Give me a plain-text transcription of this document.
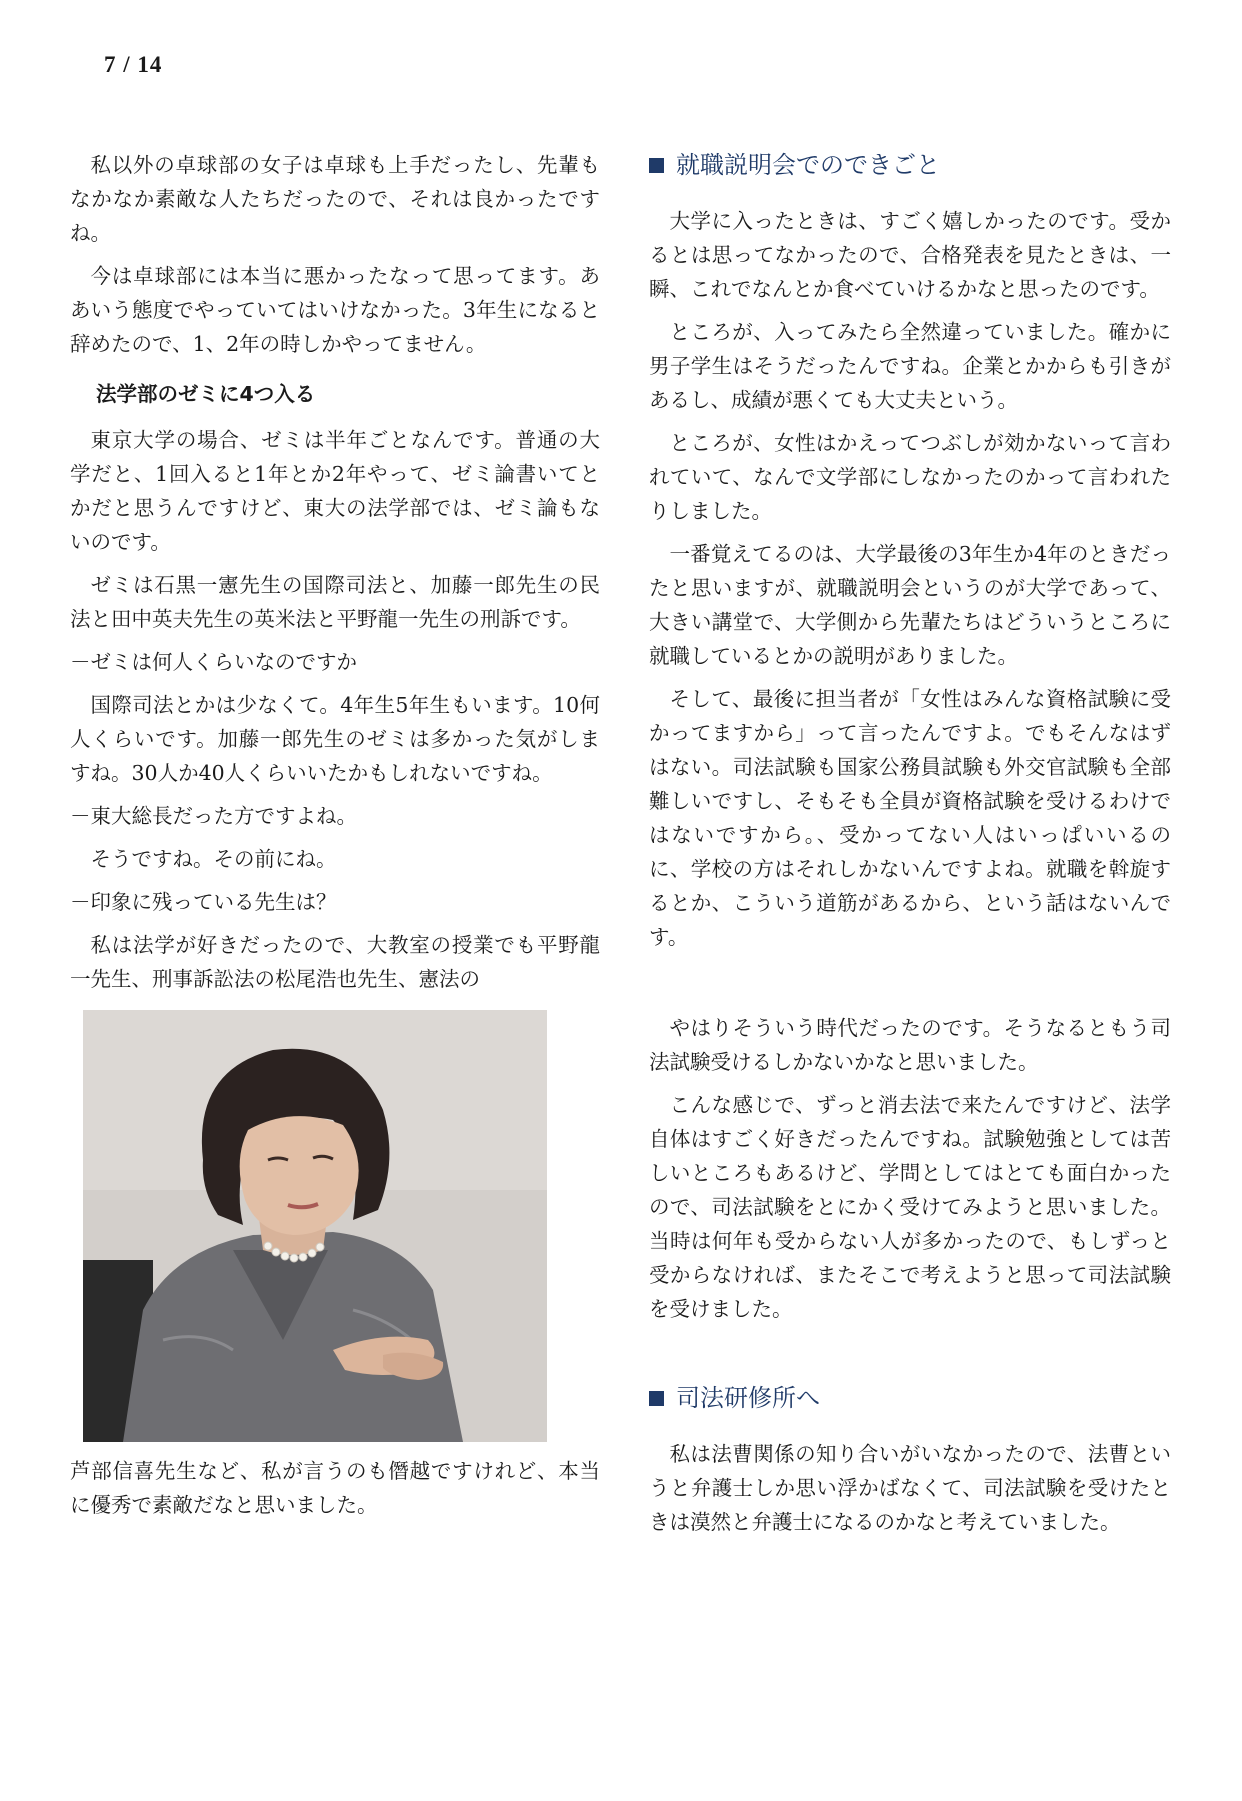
7 / 14

私以外の卓球部の女子は卓球も上手だったし、先輩もなかなか素敵な人たちだったので、それは良かったですね。

今は卓球部には本当に悪かったなって思ってます。ああいう態度でやっていてはいけなかった。3年生になると辞めたので、1、2年の時しかやってません。

法学部のゼミに4つ入る

東京大学の場合、ゼミは半年ごとなんです。普通の大学だと、1回入ると1年とか2年やって、ゼミ論書いてとかだと思うんですけど、東大の法学部では、ゼミ論もないのです。

ゼミは石黒一憲先生の国際司法と、加藤一郎先生の民法と田中英夫先生の英米法と平野龍一先生の刑訴です。

－ゼミは何人くらいなのですか

国際司法とかは少なくて。4年生5年生もいます。10何人くらいです。加藤一郎先生のゼミは多かった気がしますね。30人か40人くらいいたかもしれないですね。

－東大総長だった方ですよね。

そうですね。その前にね。

－印象に残っている先生は？

私は法学が好きだったので、大教室の授業でも平野龍一先生、刑事訴訟法の松尾浩也先生、憲法の

芦部信喜先生など、私が言うのも僭越ですけれど、本当に優秀で素敵だなと思いました。

就職説明会でのできごと

大学に入ったときは、すごく嬉しかったのです。受かるとは思ってなかったので、合格発表を見たときは、一瞬、これでなんとか食べていけるかなと思ったのです。

ところが、入ってみたら全然違っていました。確かに男子学生はそうだったんですね。企業とかからも引きがあるし、成績が悪くても大丈夫という。

ところが、女性はかえってつぶしが効かないって言われていて、なんで文学部にしなかったのかって言われたりしました。

一番覚えてるのは、大学最後の3年生か4年のときだったと思いますが、就職説明会というのが大学であって、大きい講堂で、大学側から先輩たちはどういうところに就職しているとかの説明がありました。

そして、最後に担当者が「女性はみんな資格試験に受かってますから」って言ったんですよ。でもそんなはずはない。司法試験も国家公務員試験も外交官試験も全部難しいですし、そもそも全員が資格試験を受けるわけではないですから。、受かってない人はいっぱいいるのに、学校の方はそれしかないんですよね。就職を斡旋するとか、こういう道筋があるから、という話はないんです。

やはりそういう時代だったのです。そうなるともう司法試験受けるしかないかなと思いました。

こんな感じで、ずっと消去法で来たんですけど、法学自体はすごく好きだったんですね。試験勉強としては苦しいところもあるけど、学問としてはとても面白かったので、司法試験をとにかく受けてみようと思いました。当時は何年も受からない人が多かったので、もしずっと受からなければ、またそこで考えようと思って司法試験を受けました。

司法研修所へ

私は法曹関係の知り合いがいなかったので、法曹というと弁護士しか思い浮かばなくて、司法試験を受けたときは漠然と弁護士になるのかなと考えていました。
